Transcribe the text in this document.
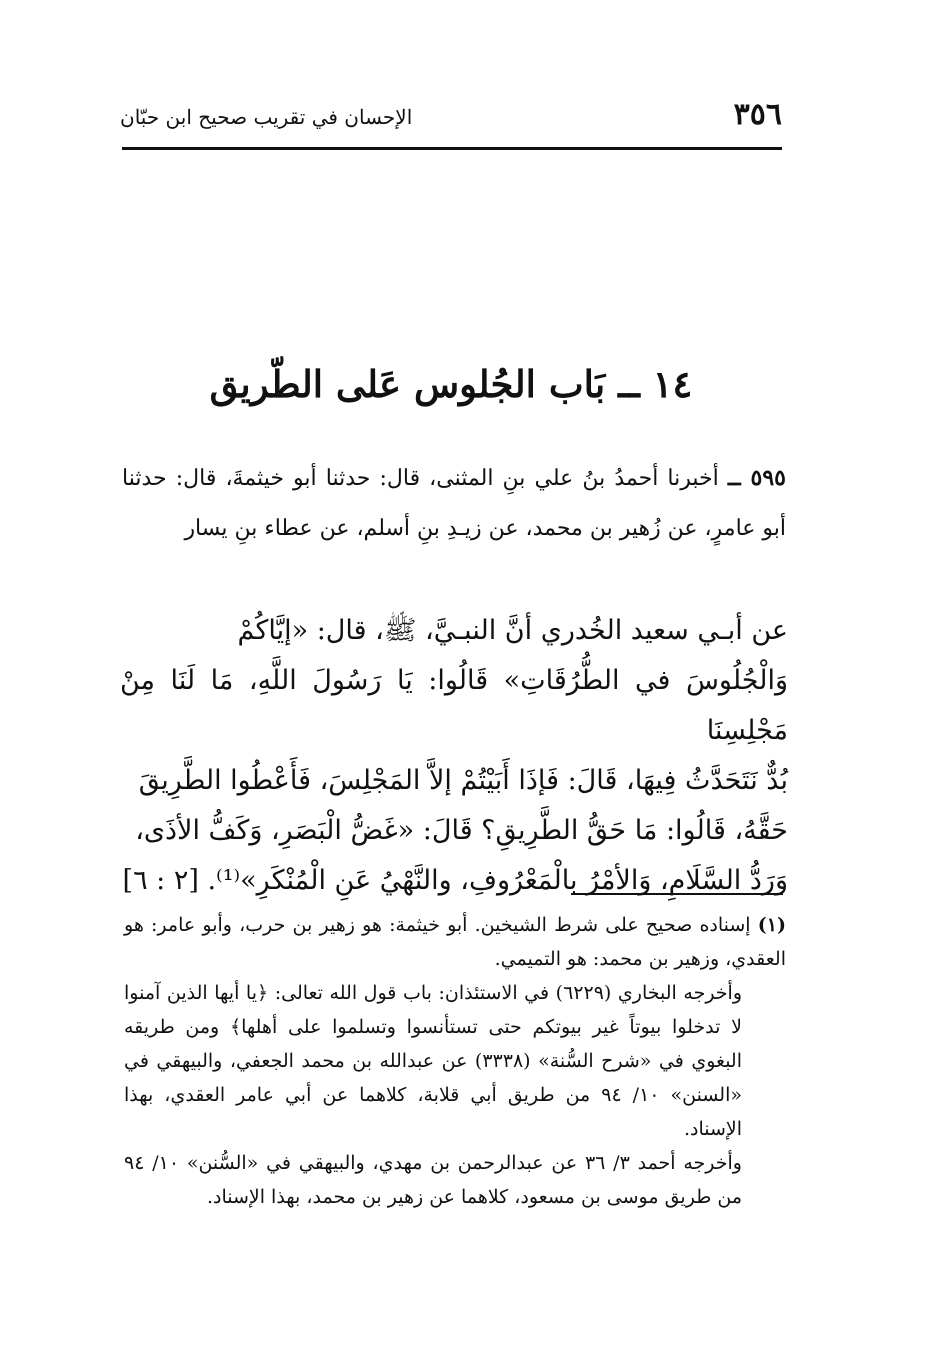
٣٥٦
الإحسان في تقريب صحيح ابن حبّان
١٤ ــ بَاب الجُلوس عَلى الطّريق
٥٩٥ ــ أخبرنا أحمدُ بنُ علي بنِ المثنى، قال: حدثنا أبو خيثمةَ، قال: حدثنا أبو عامرٍ، عن زُهير بن محمد، عن زيـدِ بنِ أسلم، عن عطاء بنِ يسار
عن أبـي سعيد الخُدري أنَّ النبـيَّ، ﷺ، قال: «إيَّاكُمْ
وَالْجُلُوسَ في الطُّرُقَاتِ» قَالُوا: يَا رَسُولَ اللَّهِ، مَا لَنَا مِنْ مَجْلِسِنَا
بُدٌّ نَتَحَدَّثُ فِيهَا، قَالَ: فَإذَا أَبَيْتُمْ إلاَّ المَجْلِسَ، فَأَعْطُوا الطَّرِيقَ
حَقَّهُ، قَالُوا: مَا حَقُّ الطَّرِيقِ؟ قَالَ: «غَضُّ الْبَصَرِ، وَكَفُّ الأذَى،
وَرَدُّ السَّلَامِ، وَالأمْرُ بالْمَعْرُوفِ، والنَّهْيُ عَنِ الْمُنْكَرِ»⁽¹⁾. [٢ : ٦]

(١) إسناده صحيح على شرط الشيخين. أبو خيثمة: هو زهير بن حرب، وأبو عامر: هو العقدي، وزهير بن محمد: هو التميمي.

وأخرجه البخاري (٦٢٢٩) في الاستئذان: باب قول الله تعالى: ﴿يا أيها الذين آمنوا لا تدخلوا بيوتاً غير بيوتكم حتى تستأنسوا وتسلموا على أهلها﴾ ومن طريقه البغوي في «شرح السُّنة» (٣٣٣٨) عن عبدالله بن محمد الجعفي، والبيهقي في «السنن» ١٠/ ٩٤ من طريق أبي قلابة، كلاهما عن أبي عامر العقدي، بهذا الإسناد.

وأخرجه أحمد ٣/ ٣٦ عن عبدالرحمن بن مهدي، والبيهقي في «السُّنن» ١٠/ ٩٤ من طريق موسى بن مسعود، كلاهما عن زهير بن محمد، بهذا الإسناد.
